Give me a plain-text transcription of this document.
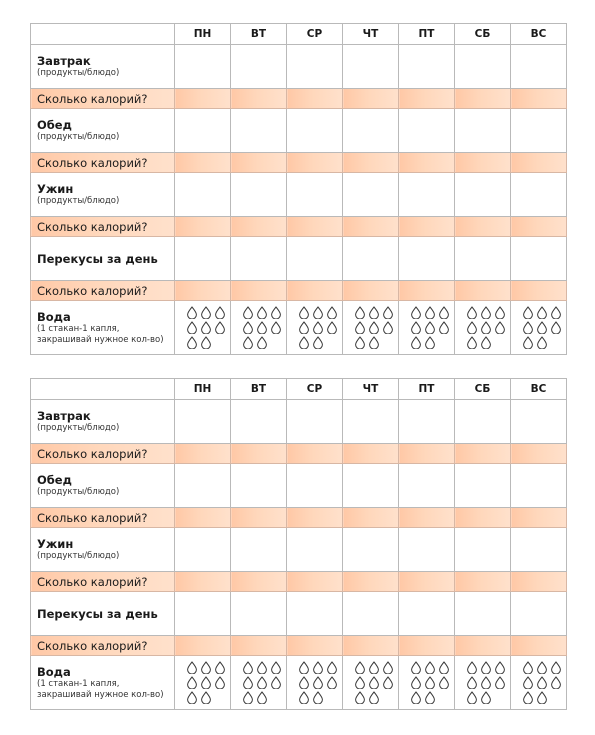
	ПН	ВТ	СР	ЧТ	ПТ	СБ	ВС

Завтрак
(продукты/блюдо)							

Сколько калорий?							

Обед
(продукты/блюдо)							

Сколько калорий?							

Ужин
(продукты/блюдо)							

Сколько калорий?							

Перекусы за день							

Сколько калорий?							

Вода
(1 стакан-1 капля,
закрашивай нужное кол-во)

	ПН	ВТ	СР	ЧТ	ПТ	СБ	ВС

Завтрак
(продукты/блюдо)							

Сколько калорий?							

Обед
(продукты/блюдо)							

Сколько калорий?							

Ужин
(продукты/блюдо)							

Сколько калорий?							

Перекусы за день							

Сколько калорий?							

Вода
(1 стакан-1 капля,
закрашивай нужное кол-во)
